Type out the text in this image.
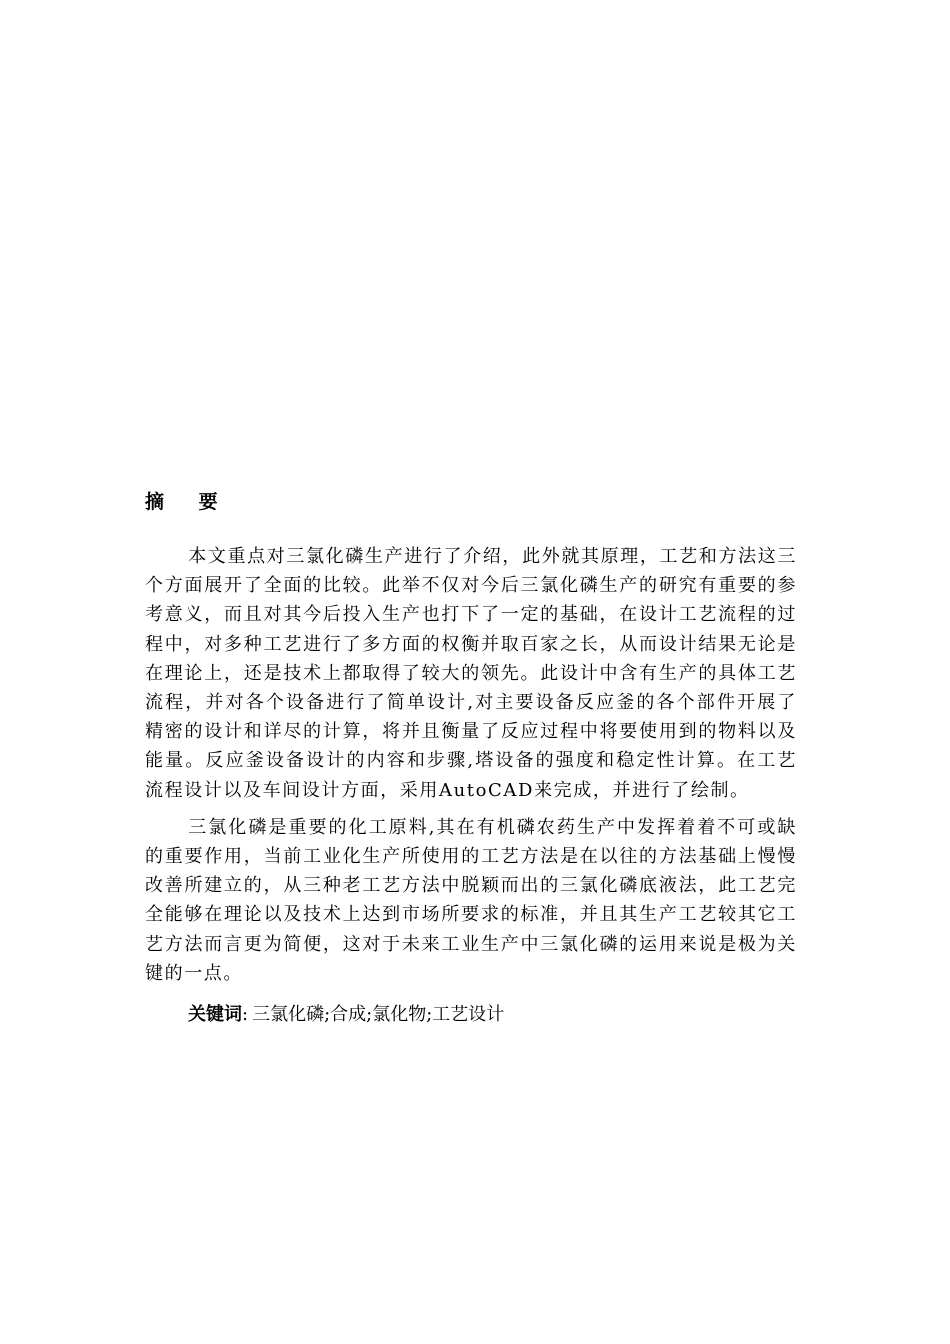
摘 要

本文重点对三氯化磷生产进行了介绍，此外就其原理，工艺和方法这三个方面展开了全面的比较。此举不仅对今后三氯化磷生产的研究有重要的参考意义，而且对其今后投入生产也打下了一定的基础，在设计工艺流程的过程中，对多种工艺进行了多方面的权衡并取百家之长，从而设计结果无论是在理论上，还是技术上都取得了较大的领先。此设计中含有生产的具体工艺流程，并对各个设备进行了简单设计,对主要设备反应釜的各个部件开展了精密的设计和详尽的计算，将并且衡量了反应过程中将要使用到的物料以及能量。反应釜设备设计的内容和步骤,塔设备的强度和稳定性计算。在工艺流程设计以及车间设计方面，采用AutoCAD来完成，并进行了绘制。

三氯化磷是重要的化工原料,其在有机磷农药生产中发挥着着不可或缺的重要作用，当前工业化生产所使用的工艺方法是在以往的方法基础上慢慢改善所建立的，从三种老工艺方法中脱颖而出的三氯化磷底液法，此工艺完全能够在理论以及技术上达到市场所要求的标准，并且其生产工艺较其它工艺方法而言更为简便，这对于未来工业生产中三氯化磷的运用来说是极为关键的一点。

关键词: 三氯化磷;合成;氯化物;工艺设计
